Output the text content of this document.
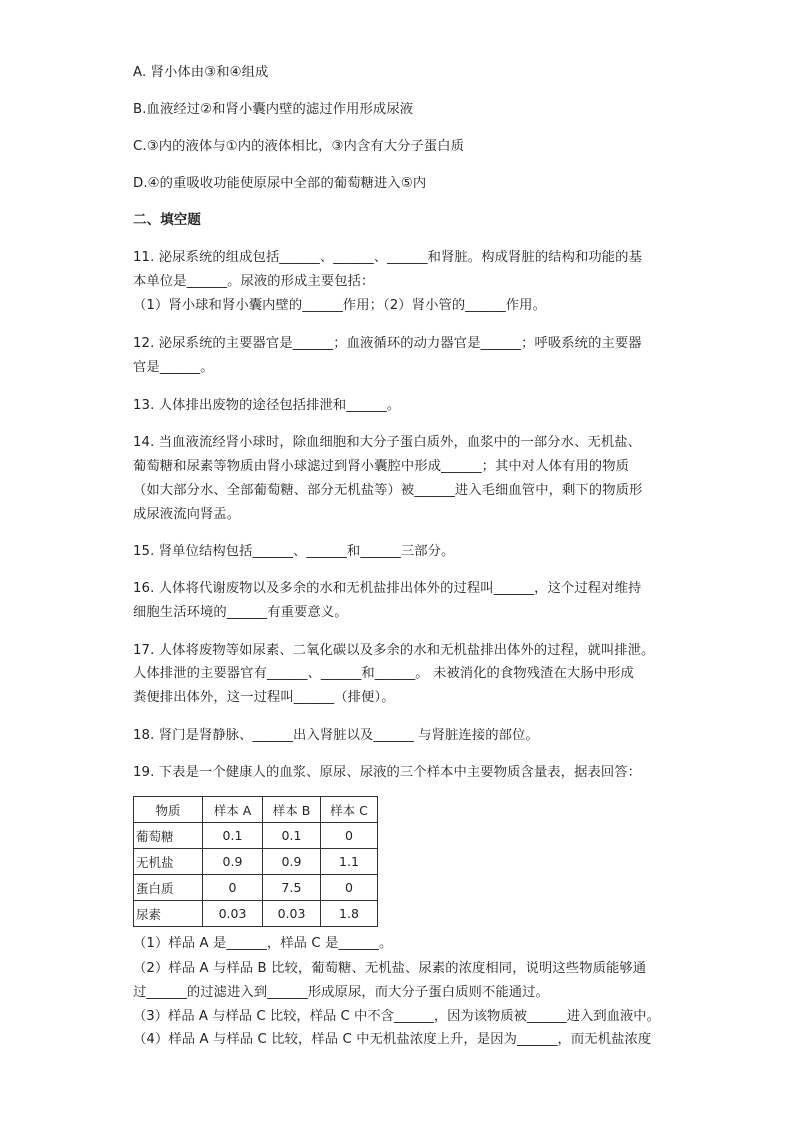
A. 肾小体由③和④组成
B.血液经过②和肾小囊内壁的滤过作用形成尿液
C.③内的液体与①内的液体相比，③内含有大分子蛋白质
D.④的重吸收功能使原尿中全部的葡萄糖进入⑤内
二、填空题
11. 泌尿系统的组成包括______、______、______和肾脏。构成肾脏的结构和功能的基
本单位是______。尿液的形成主要包括：
（1）肾小球和肾小囊内壁的______作用；（2）肾小管的______作用。
12. 泌尿系统的主要器官是______；血液循环的动力器官是______；呼吸系统的主要器
官是______。
13. 人体排出废物的途径包括排泄和______。
14. 当血液流经肾小球时，除血细胞和大分子蛋白质外，血浆中的一部分水、无机盐、
葡萄糖和尿素等物质由肾小球滤过到肾小囊腔中形成______；其中对人体有用的物质
（如大部分水、全部葡萄糖、部分无机盐等）被______进入毛细血管中，剩下的物质形
成尿液流向肾盂。
15. 肾单位结构包括______、______和______三部分。
16. 人体将代谢废物以及多余的水和无机盐排出体外的过程叫______，这个过程对维持
细胞生活环境的______有重要意义。
17. 人体将废物等如尿素、二氧化碳以及多余的水和无机盐排出体外的过程，就叫排泄。
人体排泄的主要器官有______、______和______。 未被消化的食物残渣在大肠中形成
粪便排出体外，这一过程叫______（排便）。
18. 肾门是肾静脉、______出入肾脏以及______ 与肾脏连接的部位。
19. 下表是一个健康人的血浆、原尿、尿液的三个样本中主要物质含量表，据表回答：
物质	样本 A	样本 B	样本 C
葡萄糖	0.1	0.1	0
无机盐	0.9	0.9	1.1
蛋白质	0	7.5	0
尿素	0.03	0.03	1.8
（1）样品 A 是______，样品 C 是______。
（2）样品 A 与样品 B 比较，葡萄糖、无机盐、尿素的浓度相同，说明这些物质能够通
过______的过滤进入到______形成原尿，而大分子蛋白质则不能通过。
（3）样品 A 与样品 C 比较，样品 C 中不含______，因为该物质被______进入到血液中。
（4）样品 A 与样品 C 比较，样品 C 中无机盐浓度上升，是因为______，而无机盐浓度
